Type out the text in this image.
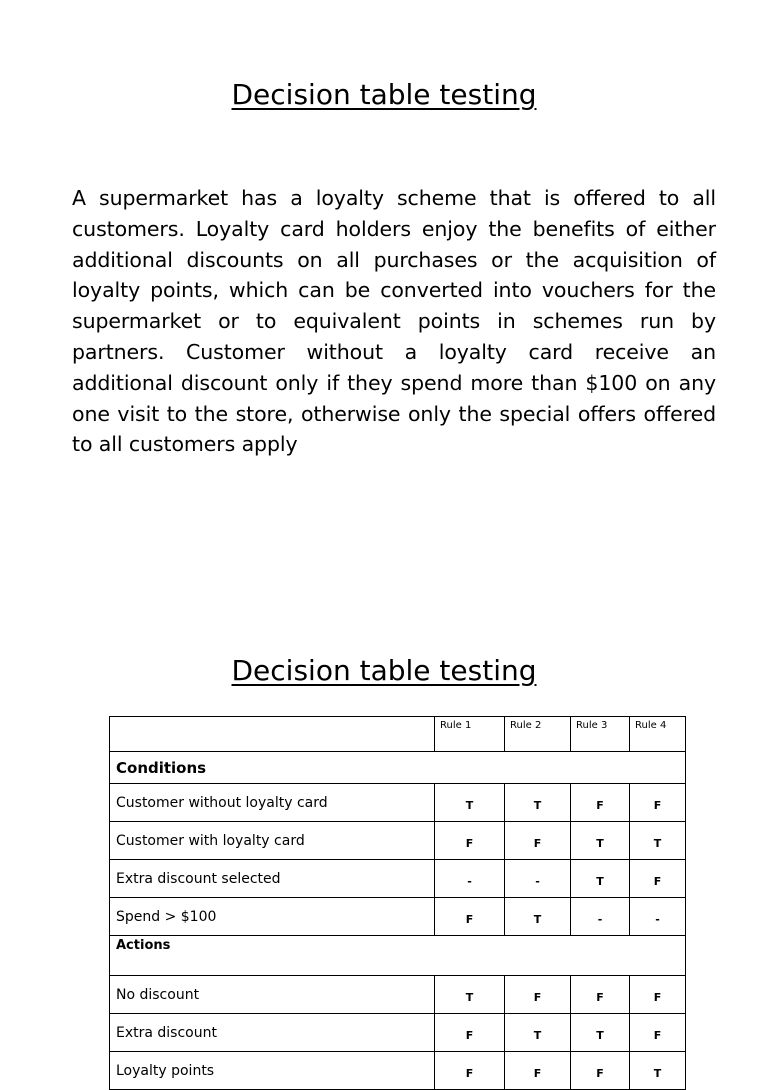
Decision table testing

A supermarket has a loyalty scheme that is offered to all customers. Loyalty card holders enjoy the benefits of either additional discounts on all purchases or the acquisition of loyalty points, which can be converted into vouchers for the supermarket or to equivalent points in schemes run by partners. Customer without a loyalty card receive an additional discount only if they spend more than $100 on any one visit to the store, otherwise only the special offers offered to all customers apply

Decision table testing
	Rule 1	Rule 2	Rule 3	Rule 4
Conditions				
Customer without loyalty card	T	T	F	F
Customer with loyalty card	F	F	T	T
Extra discount selected	-	-	T	F
Spend > $100	F	T	-	-
Actions				
No discount	T	F	F	F
Extra discount	F	T	T	F
Loyalty points	F	F	F	T
